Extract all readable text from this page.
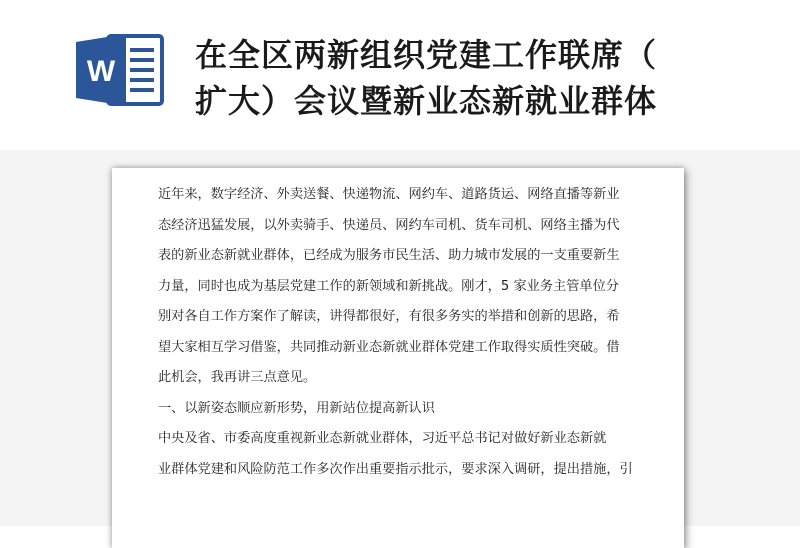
W 在全区两新组织党建工作联席（
扩大）会议暨新业态新就业群体

近年来，数字经济、外卖送餐、快递物流、网约车、道路货运、网络直播等新业

态经济迅猛发展，以外卖骑手、快递员、网约车司机、货车司机、网络主播为代

表的新业态新就业群体，已经成为服务市民生活、助力城市发展的一支重要新生

力量，同时也成为基层党建工作的新领域和新挑战。刚才，5 家业务主管单位分

别对各自工作方案作了解读，讲得都很好，有很多务实的举措和创新的思路，希

望大家相互学习借鉴，共同推动新业态新就业群体党建工作取得实质性突破。借

此机会，我再讲三点意见。

一、以新姿态顺应新形势，用新站位提高新认识

中央及省、市委高度重视新业态新就业群体，习近平总书记对做好新业态新就

业群体党建和风险防范工作多次作出重要指示批示，要求深入调研，提出措施，引
